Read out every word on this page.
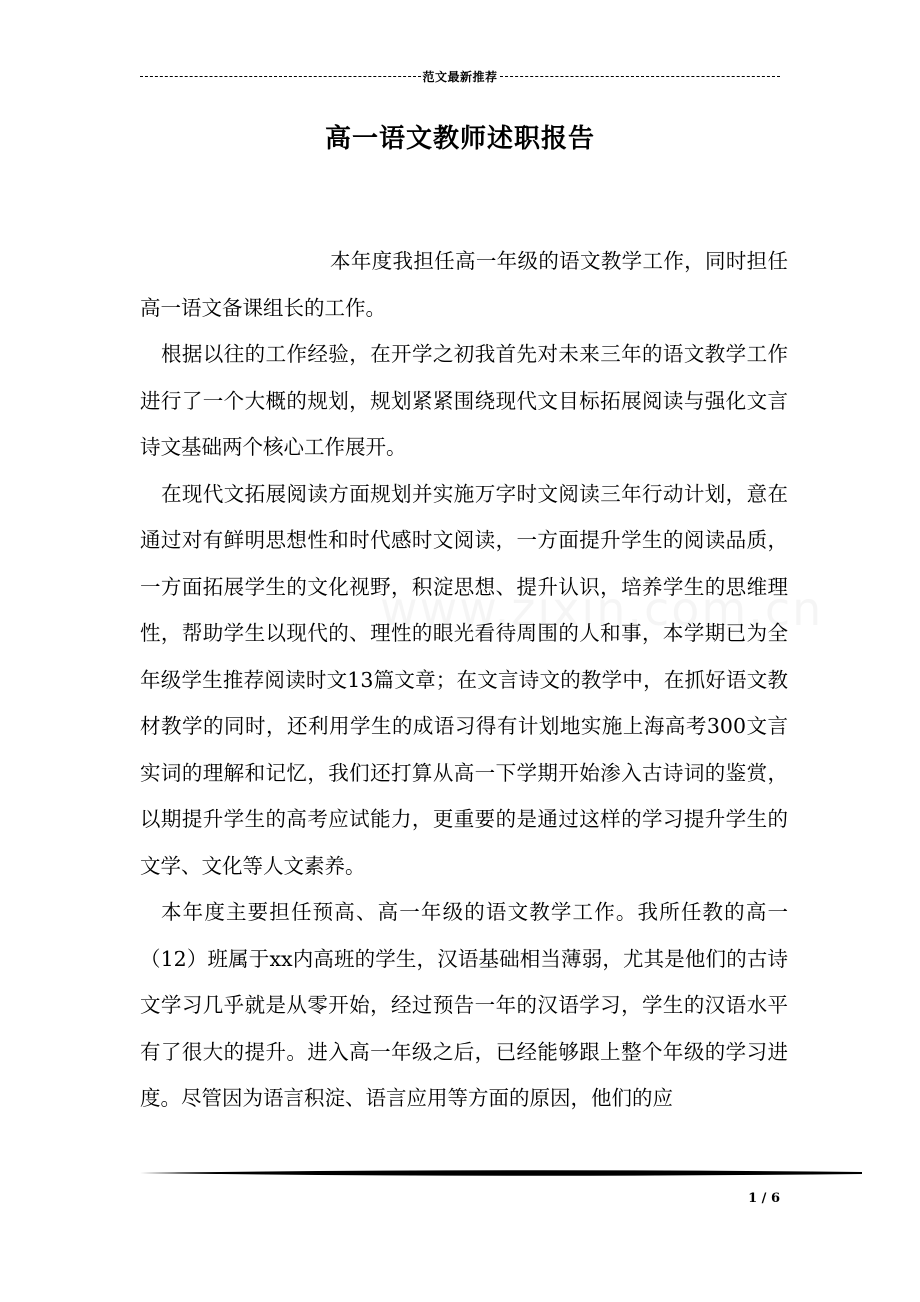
范文最新推荐
高一语文教师述职报告

本年度我担任高一年级的语文教学工作，同时担任高一语文备课组长的工作。

根据以往的工作经验，在开学之初我首先对未来三年的语文教学工作进行了一个大概的规划，规划紧紧围绕现代文目标拓展阅读与强化文言诗文基础两个核心工作展开。

在现代文拓展阅读方面规划并实施万字时文阅读三年行动计划，意在通过对有鲜明思想性和时代感时文阅读，一方面提升学生的阅读品质，一方面拓展学生的文化视野，积淀思想、提升认识，培养学生的思维理性，帮助学生以现代的、理性的眼光看待周围的人和事，本学期已为全年级学生推荐阅读时文13篇文章；在文言诗文的教学中，在抓好语文教材教学的同时，还利用学生的成语习得有计划地实施上海高考300文言实词的理解和记忆，我们还打算从高一下学期开始渗入古诗词的鉴赏，以期提升学生的高考应试能力，更重要的是通过这样的学习提升学生的文学、文化等人文素养。

本年度主要担任预高、高一年级的语文教学工作。我所任教的高一（12）班属于xx内高班的学生，汉语基础相当薄弱，尤其是他们的古诗文学习几乎就是从零开始，经过预告一年的汉语学习，学生的汉语水平有了很大的提升。进入高一年级之后，已经能够跟上整个年级的学习进度。尽管因为语言积淀、语言应用等方面的原因，他们的应

1 / 6
